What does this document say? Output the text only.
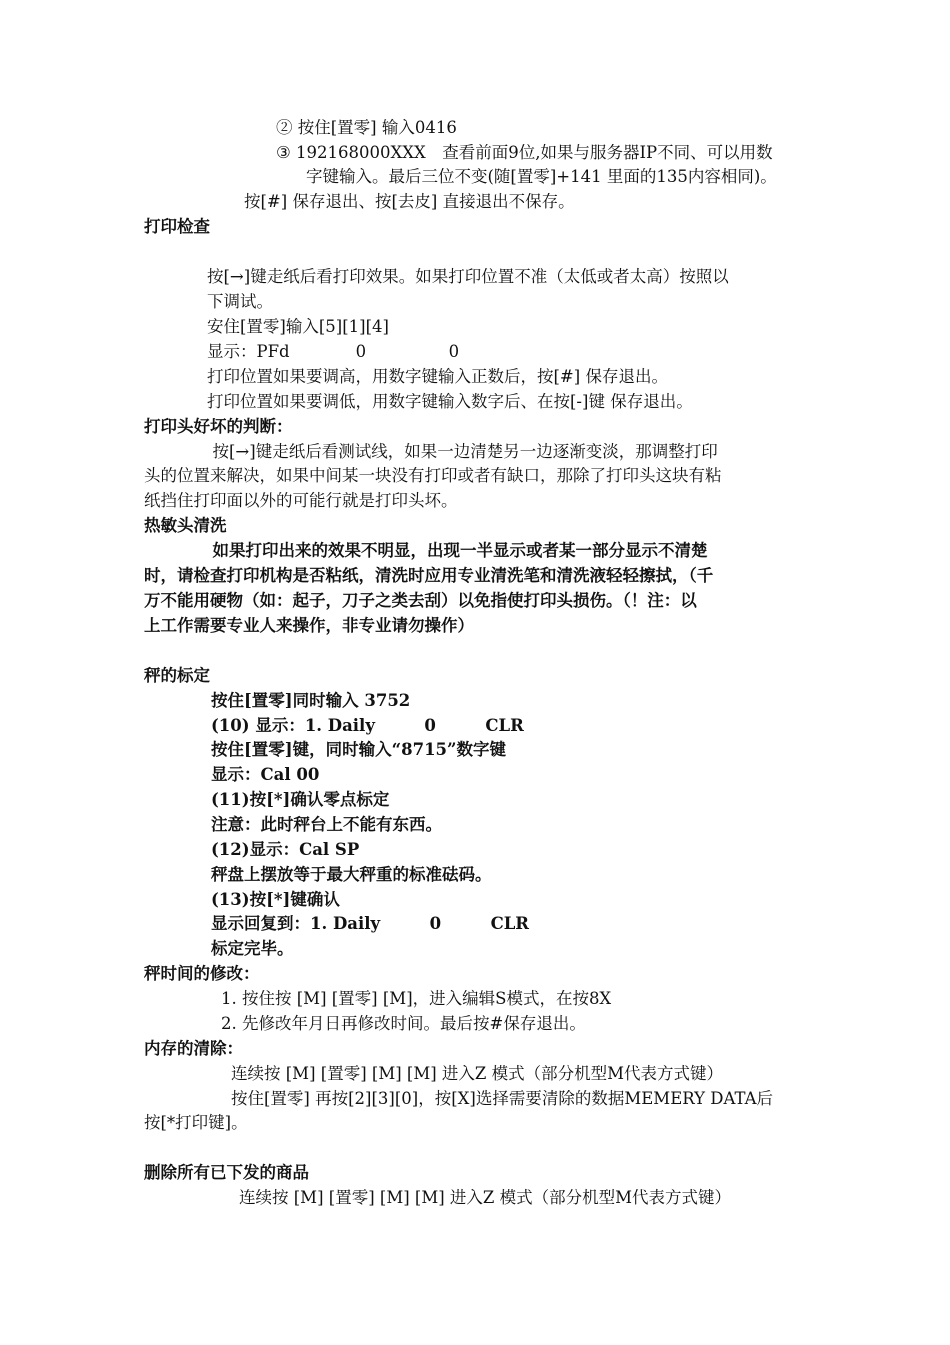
② 按住[置零] 输入0416
③ 192168000XXX　查看前面9位,如果与服务器IP不同、可以用数
字键输入。最后三位不变(随[置零]+141 里面的135内容相同)。
按[#] 保存退出、按[去皮] 直接退出不保存。
打印检查
按[→]键走纸后看打印效果。如果打印位置不准（太低或者太高）按照以
下调试。
安住[置零]输入[5][1][4]
显示：PFd　　　　0　　　　　0
打印位置如果要调高，用数字键输入正数后，按[#] 保存退出。
打印位置如果要调低，用数字键输入数字后、在按[-]键 保存退出。
打印头好坏的判断：
　按[→]键走纸后看测试线，如果一边清楚另一边逐渐变淡，那调整打印
头的位置来解决，如果中间某一块没有打印或者有缺口，那除了打印头这块有粘
纸挡住打印面以外的可能行就是打印头坏。
热敏头清洗
　如果打印出来的效果不明显，出现一半显示或者某一部分显示不清楚
时，请检查打印机构是否粘纸，清洗时应用专业清洗笔和清洗液轻轻擦拭，（千
万不能用硬物（如：起子，刀子之类去刮）以免指使打印头损伤。（！注：以
上工作需要专业人来操作，非专业请勿操作）
秤的标定
按住[置零]同时输入 3752
(10) 显示：1. Daily　　　0　　　CLR
按住[置零]键，同时输入“8715”数字键
显示：Cal 00
(11)按[*]确认零点标定
注意：此时秤台上不能有东西。
(12)显示：Cal SP
秤盘上摆放等于最大秤重的标准砝码。
(13)按[*]键确认
显示回复到：1. Daily　　　0　　　CLR
标定完毕。
秤时间的修改：
1. 按住按 [M] [置零] [M]，进入编辑S模式，在按8X
2. 先修改年月日再修改时间。最后按#保存退出。
内存的清除：
连续按 [M] [置零] [M] [M] 进入Z 模式（部分机型M代表方式键）
按住[置零] 再按[2][3][0]，按[X]选择需要清除的数据MEMERY DATA后
按[*打印键]。
删除所有已下发的商品
连续按 [M] [置零] [M] [M] 进入Z 模式（部分机型M代表方式键）
